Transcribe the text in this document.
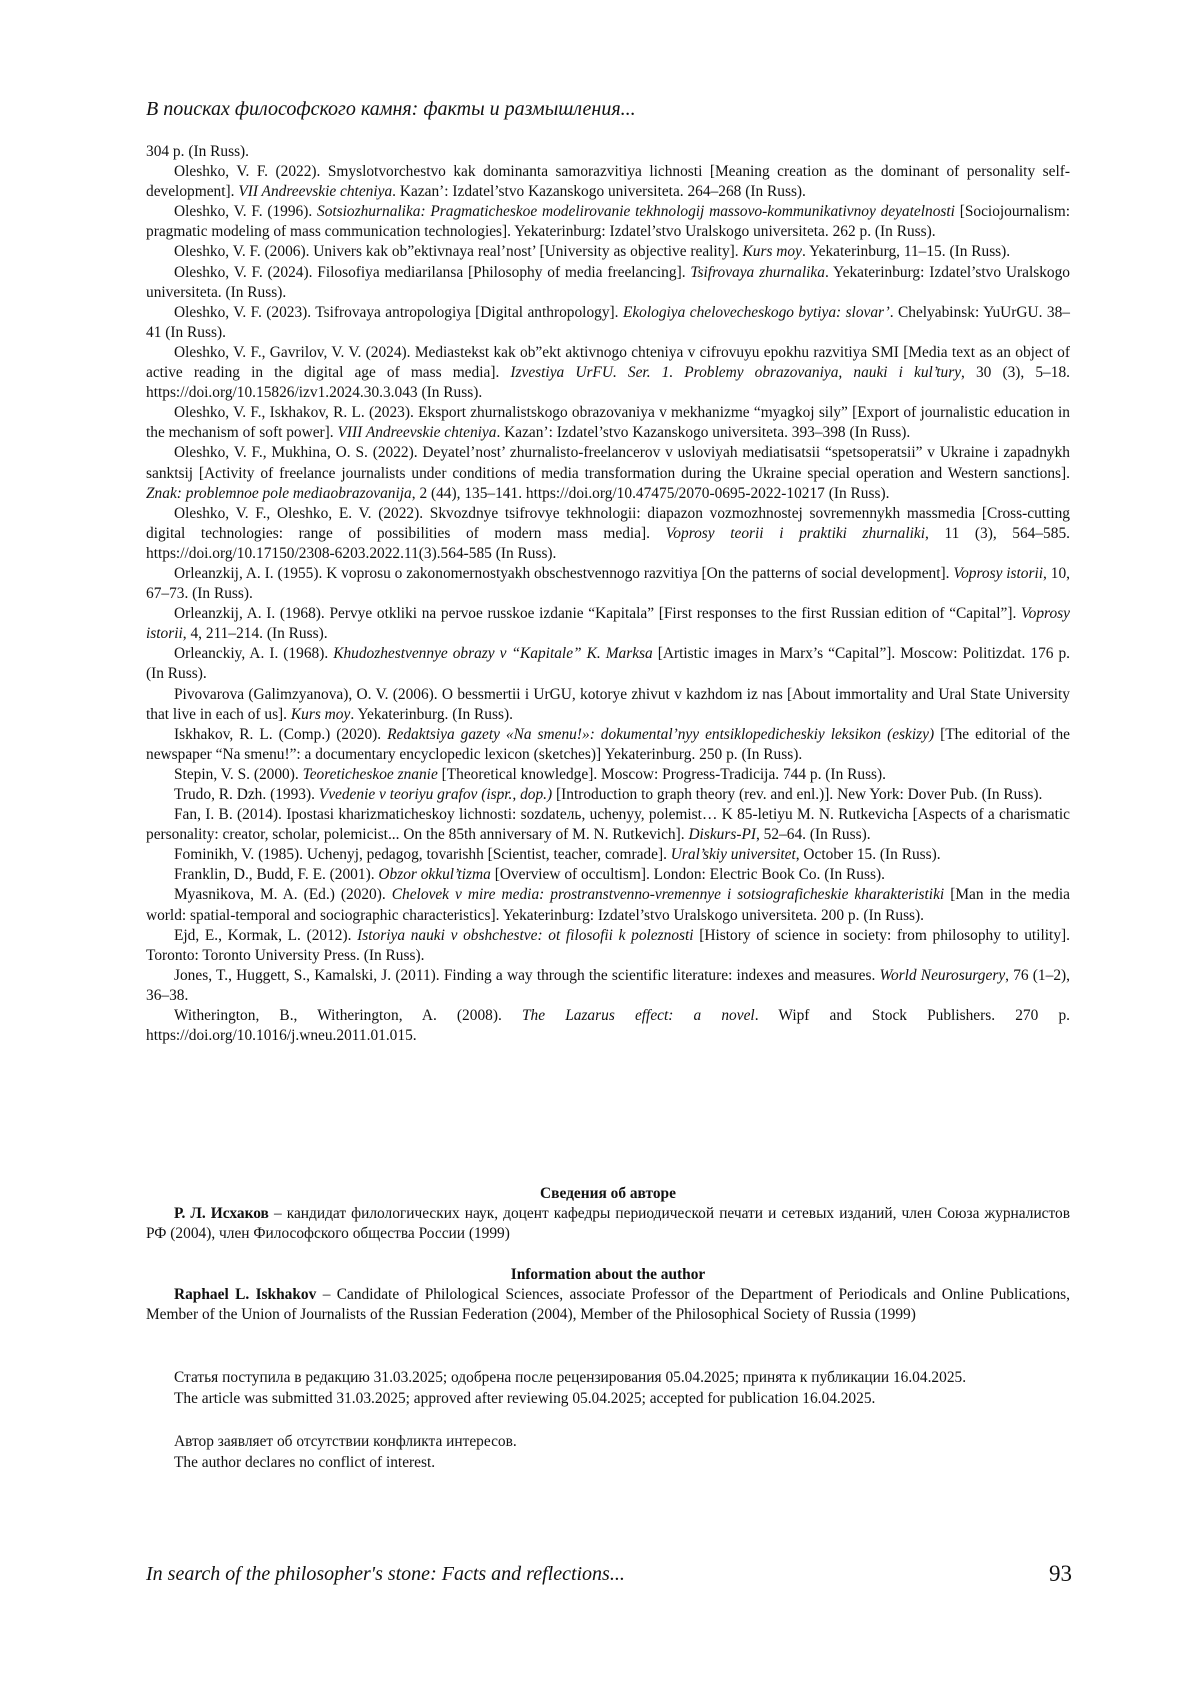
В поисках философского камня: факты и размышления...

304 p. (In Russ).

Oleshko, V. F. (2022). Smyslotvorchestvo kak dominanta samorazvitiya lichnosti [Meaning creation as the dominant of personality self-development]. VII Andreevskie chteniya. Kazan’: Izdatel’stvo Kazanskogo universiteta. 264–268 (In Russ).

Oleshko, V. F. (1996). Sotsiozhurnalika: Pragmaticheskoe modelirovanie tekhnologij massovo-kommunikativnoy deyatelnosti [Sociojournalism: pragmatic modeling of mass communication technologies]. Yekaterinburg: Izdatel’stvo Uralskogo universiteta. 262 p. (In Russ).

Oleshko, V. F. (2006). Univers kak ob”ektivnaya real’nost’ [University as objective reality]. Kurs moy. Yekaterinburg, 11–15. (In Russ).

Oleshko, V. F. (2024). Filosofiya mediarilansa [Philosophy of media freelancing]. Tsifrovaya zhurnalika. Yekaterinburg: Izdatel’stvo Uralskogo universiteta. (In Russ).

Oleshko, V. F. (2023). Tsifrovaya antropologiya [Digital anthropology]. Ekologiya chelovecheskogo bytiya: slovar’. Chelyabinsk: YuUrGU. 38–41 (In Russ).

Oleshko, V. F., Gavrilov, V. V. (2024). Mediastekst kak ob”ekt aktivnogo chteniya v cifrovuyu epokhu razvitiya SMI [Media text as an object of active reading in the digital age of mass media]. Izvestiya UrFU. Ser. 1. Problemy obrazovaniya, nauki i kul’tury, 30 (3), 5–18. https://doi.org/10.15826/izv1.2024.30.3.043 (In Russ).

Oleshko, V. F., Iskhakov, R. L. (2023). Eksport zhurnalistskogo obrazovaniya v mekhanizme “myagkoj sily” [Export of journalistic education in the mechanism of soft power]. VIII Andreevskie chteniya. Kazan’: Izdatel’stvo Kazanskogo universiteta. 393–398 (In Russ).

Oleshko, V. F., Mukhina, O. S. (2022). Deyatel’nost’ zhurnalisto-freelancerov v usloviyah mediatisatsii “spetsoperatsii” v Ukraine i zapadnykh sanktsij [Activity of freelance journalists under conditions of media transformation during the Ukraine special operation and Western sanctions]. Znak: problemnoe pole mediaobrazovanija, 2 (44), 135–141. https://doi.org/10.47475/2070-0695-2022-10217 (In Russ).

Oleshko, V. F., Oleshko, E. V. (2022). Skvozdnye tsifrovye tekhnologii: diapazon vozmozhnostej sovremennykh massmedia [Cross-cutting digital technologies: range of possibilities of modern mass media]. Voprosy teorii i praktiki zhurnaliki, 11 (3), 564–585. https://doi.org/10.17150/2308-6203.2022.11(3).564-585 (In Russ).

Orleanzkij, A. I. (1955). K voprosu o zakonomernostyakh obschestvennogo razvitiya [On the patterns of social development]. Voprosy istorii, 10, 67–73. (In Russ).

Orleanzkij, A. I. (1968). Pervye otkliki na pervoe russkoe izdanie “Kapitala” [First responses to the first Russian edition of “Capital”]. Voprosy istorii, 4, 211–214. (In Russ).

Orleanckiy, A. I. (1968). Khudozhestvennye obrazy v “Kapitale” K. Marksa [Artistic images in Marx’s “Capital”]. Moscow: Politizdat. 176 p. (In Russ).

Pivovarova (Galimzyanova), O. V. (2006). O bessmertii i UrGU, kotorye zhivut v kazhdom iz nas [About immortality and Ural State University that live in each of us]. Kurs moy. Yekaterinburg. (In Russ).

Iskhakov, R. L. (Comp.) (2020). Redaktsiya gazety «Na smenu!»: dokumental’nyy entsiklopedicheskiy leksikon (eskizy) [The editorial of the newspaper “Na smenu!”: a documentary encyclopedic lexicon (sketches)] Yekaterinburg. 250 p. (In Russ).

Stepin, V. S. (2000). Teoreticheskoe znanie [Theoretical knowledge]. Moscow: Progress-Tradicija. 744 p. (In Russ).

Trudo, R. Dzh. (1993). Vvedenie v teoriyu grafov (ispr., dop.) [Introduction to graph theory (rev. and enl.)]. New York: Dover Pub. (In Russ).

Fan, I. B. (2014). Ipostasi kharizmaticheskoy lichnosti: sozdateль, uchenyy, polemist… K 85-letiyu M. N. Rutkevicha [Aspects of a charismatic personality: creator, scholar, polemicist... On the 85th anniversary of M. N. Rutkevich]. Diskurs-PI, 52–64. (In Russ).

Fominikh, V. (1985). Uchenyj, pedagog, tovarishh [Scientist, teacher, comrade]. Ural’skiy universitet, October 15. (In Russ).

Franklin, D., Budd, F. E. (2001). Obzor okkul’tizma [Overview of occultism]. London: Electric Book Co. (In Russ).

Myasnikova, M. A. (Ed.) (2020). Chelovek v mire media: prostranstvenno-vremennye i sotsiograficheskie kharakteristiki [Man in the media world: spatial-temporal and sociographic characteristics]. Yekaterinburg: Izdatel’stvo Uralskogo universiteta. 200 p. (In Russ).

Ejd, E., Kormak, L. (2012). Istoriya nauki v obshchestve: ot filosofii k poleznosti [History of science in society: from philosophy to utility]. Toronto: Toronto University Press. (In Russ).

Jones, T., Huggett, S., Kamalski, J. (2011). Finding a way through the scientific literature: indexes and measures. World Neurosurgery, 76 (1–2), 36–38.

Witherington, B., Witherington, A. (2008). The Lazarus effect: a novel. Wipf and Stock Publishers. 270 p. https://doi.org/10.1016/j.wneu.2011.01.015.

Сведения об авторе

Р. Л. Исхаков – кандидат филологических наук, доцент кафедры периодической печати и сетевых изданий, член Союза журналистов РФ (2004), член Философского общества России (1999)

Information about the author

Raphael L. Iskhakov – Candidate of Philological Sciences, associate Professor of the Department of Periodicals and Online Publications, Member of the Union of Journalists of the Russian Federation (2004), Member of the Philosophical Society of Russia (1999)

Статья поступила в редакцию 31.03.2025; одобрена после рецензирования 05.04.2025; принята к публикации 16.04.2025.
The article was submitted 31.03.2025; approved after reviewing 05.04.2025; accepted for publication 16.04.2025.
Автор заявляет об отсутствии конфликта интересов.
The author declares no conflict of interest.
In search of the philosopher's stone: Facts and reflections...	93
